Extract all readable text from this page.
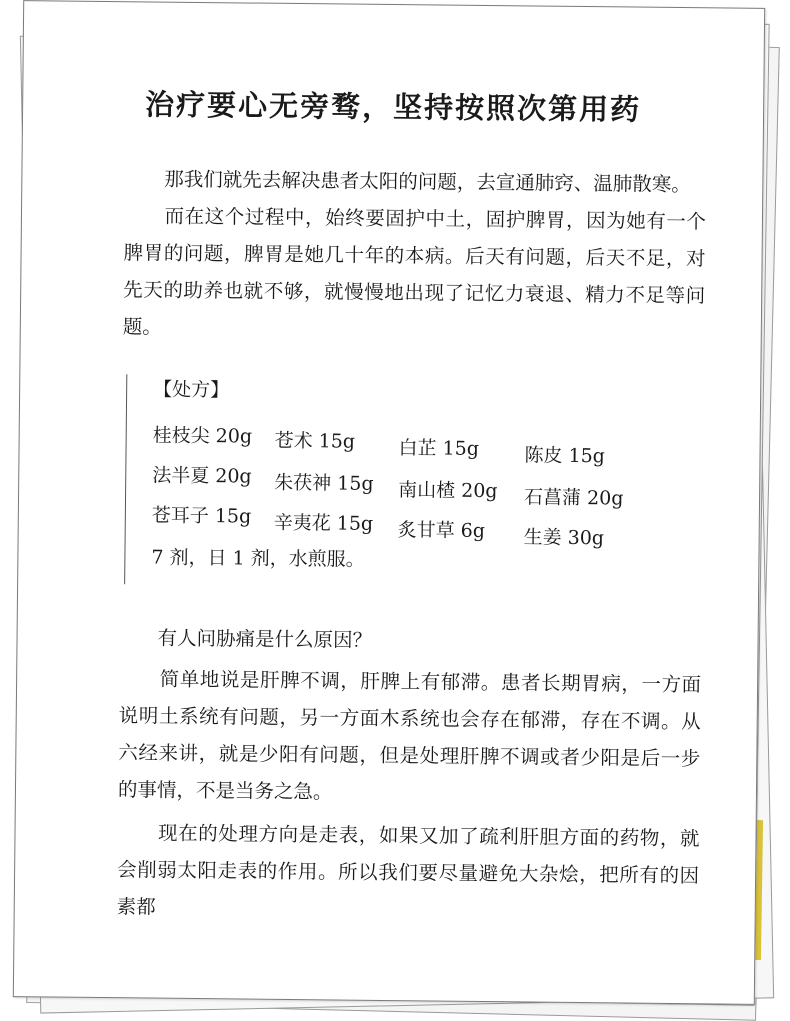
治疗要心无旁骛，坚持按照次第用药
那我们就先去解决患者太阳的问题，去宣通肺窍、温肺散寒。
而在这个过程中，始终要固护中土，固护脾胃，因为她有一个脾胃的问题，脾胃是她几十年的本病。后天有问题，后天不足，对先天的助养也就不够，就慢慢地出现了记忆力衰退、精力不足等问题。
【处方】
桂枝尖 20g 苍术 15g 白芷 15g 陈皮 15g
法半夏 20g 朱茯神 15g 南山楂 20g 石菖蒲 20g
苍耳子 15g 辛夷花 15g 炙甘草 6g 生姜 30g
7 剂，日 1 剂，水煎服。
有人问胁痛是什么原因？
简单地说是肝脾不调，肝脾上有郁滞。患者长期胃病，一方面说明土系统有问题，另一方面木系统也会存在郁滞，存在不调。从六经来讲，就是少阳有问题，但是处理肝脾不调或者少阳是后一步的事情，不是当务之急。
现在的处理方向是走表，如果又加了疏利肝胆方面的药物，就会削弱太阳走表的作用。所以我们要尽量避免大杂烩，把所有的因素都
